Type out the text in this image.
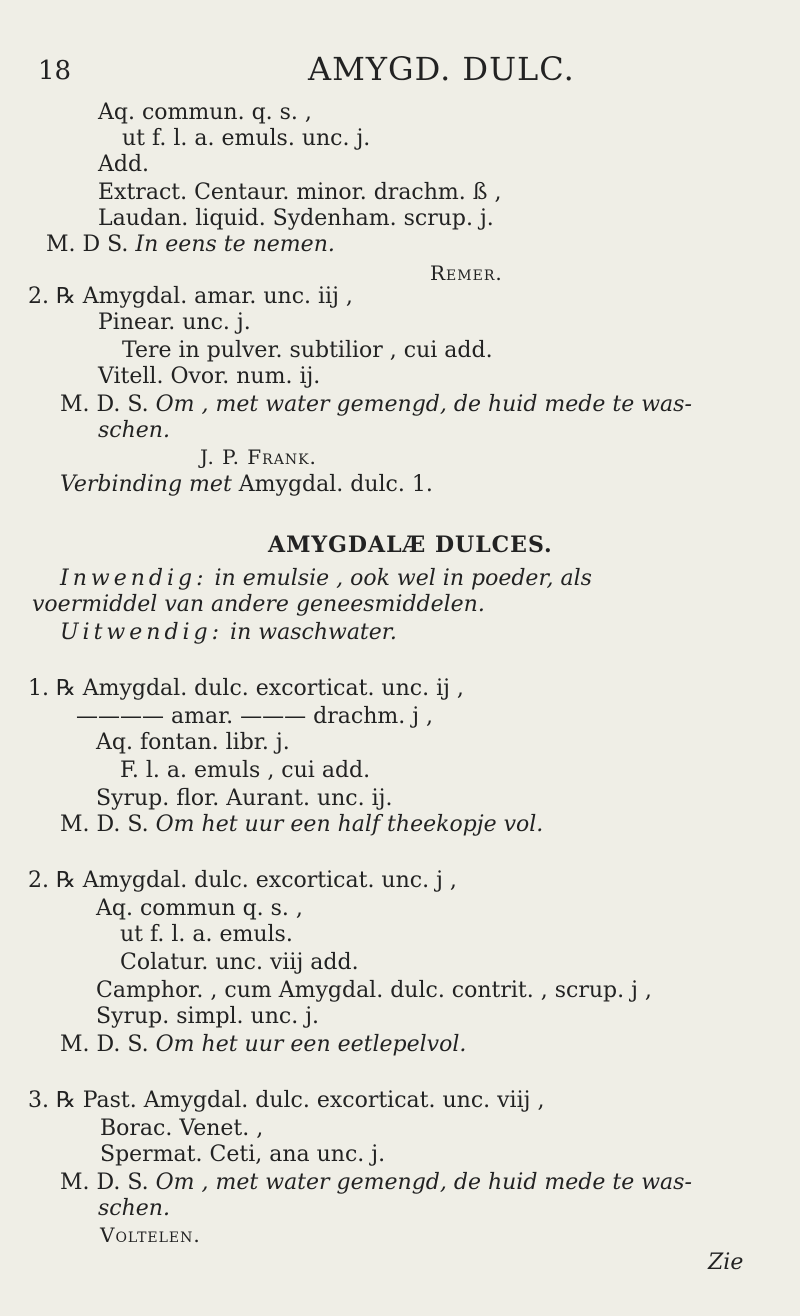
18	AMYGD. DULC.
Aq. commun. q. s. ,
ut f. l. a. emuls. unc. j.
Add.
Extract. Centaur. minor. drachm. ß ,
Laudan. liquid. Sydenham. scrup. j.
M. D S. In eens te nemen.
Remer.
2. ℞ Amygdal. amar. unc. iij ,
Pinear. unc. j.
Tere in pulver. subtilior , cui add.
Vitell. Ovor. num. ij.
M. D. S. Om , met water gemengd, de huid mede te was-
schen.
J. P. Frank.
Verbinding met Amygdal. dulc. 1.
AMYGDALÆ DULCES.
Inwendig: in emulsie , ook wel in poeder, als
voermiddel van andere geneesmiddelen.
Uitwendig: in waschwater.
1. ℞ Amygdal. dulc. excorticat. unc. ij ,
———— amar. ——— drachm. j ,
Aq. fontan. libr. j.
F. l. a. emuls , cui add.
Syrup. flor. Aurant. unc. ij.
M. D. S. Om het uur een half theekopje vol.
2. ℞ Amygdal. dulc. excorticat. unc. j ,
Aq. commun q. s. ,
ut f. l. a. emuls.
Colatur. unc. viij add.
Camphor. , cum Amygdal. dulc. contrit. , scrup. j ,
Syrup. simpl. unc. j.
M. D. S. Om het uur een eetlepelvol.
3. ℞ Past. Amygdal. dulc. excorticat. unc. viij ,
Borac. Venet. ,
Spermat. Ceti, ana unc. j.
M. D. S. Om , met water gemengd, de huid mede te was-
schen.
Voltelen.
Zie
